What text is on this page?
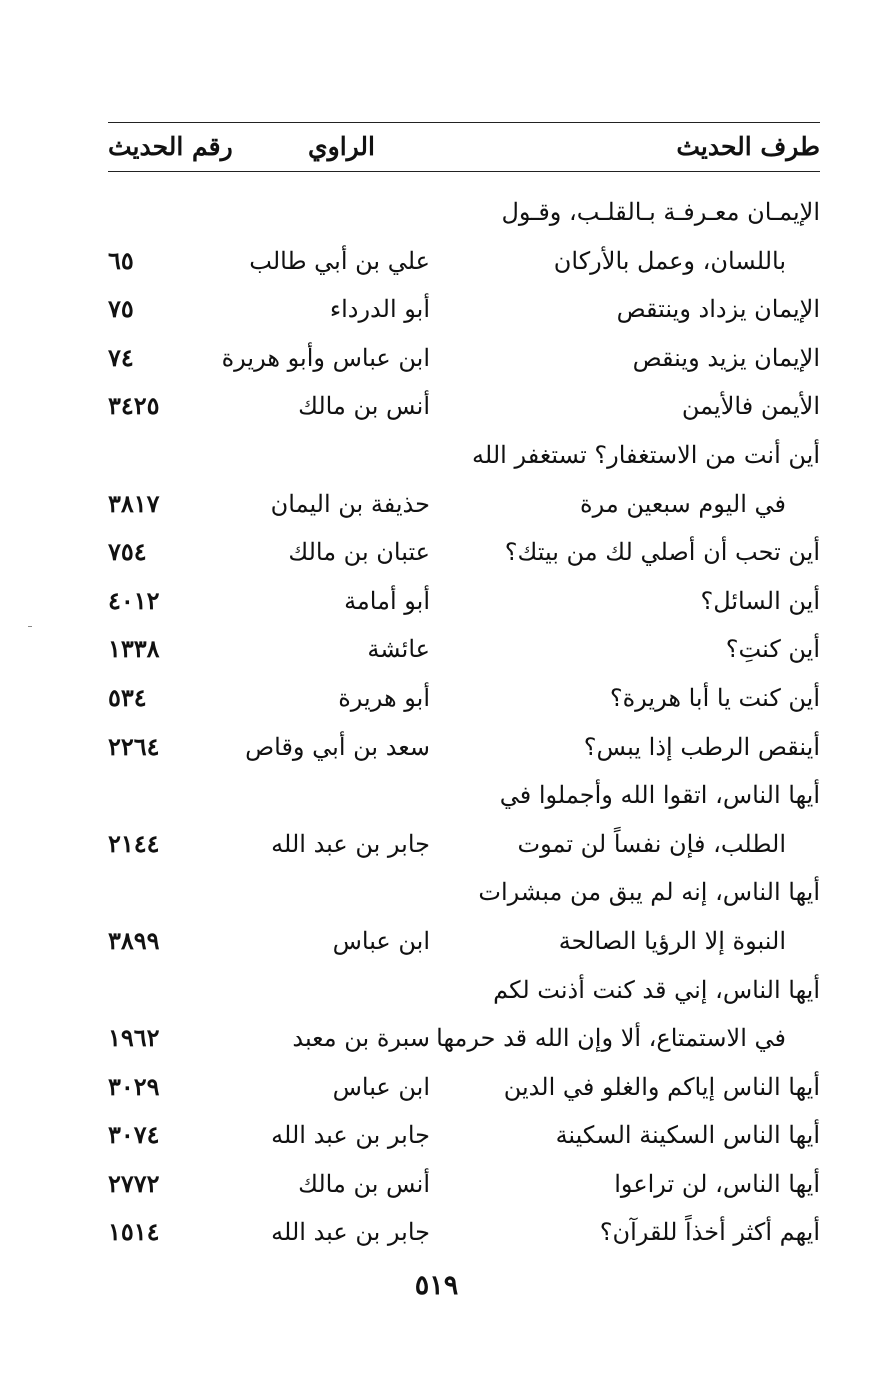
طرف الحديث
الراوي
رقم الحديث
الإيمـان معـرفـة بـالقلـب، وقـول
باللسان، وعمل بالأركان
علي بن أبي طالب
٦٥
الإيمان يزداد وينتقص
أبو الدرداء
٧٥
الإيمان يزيد وينقص
ابن عباس وأبو هريرة
٧٤
الأيمن فالأيمن
أنس بن مالك
٣٤٢٥
أين أنت من الاستغفار؟ تستغفر الله
في اليوم سبعين مرة
حذيفة بن اليمان
٣٨١٧
أين تحب أن أصلي لك من بيتك؟
عتبان بن مالك
٧٥٤
أين السائل؟
أبو أمامة
٤٠١٢
أين كنتِ؟
عائشة
١٣٣٨
أين كنت يا أبا هريرة؟
أبو هريرة
٥٣٤
أينقص الرطب إذا يبس؟
سعد بن أبي وقاص
٢٢٦٤
أيها الناس، اتقوا الله وأجملوا في
الطلب، فإن نفساً لن تموت
جابر بن عبد الله
٢١٤٤
أيها الناس، إنه لم يبق من مبشرات
النبوة إلا الرؤيا الصالحة
ابن عباس
٣٨٩٩
أيها الناس، إني قد كنت أذنت لكم
في الاستمتاع، ألا وإن الله قد حرمها
سبرة بن معبد
١٩٦٢
أيها الناس إياكم والغلو في الدين
ابن عباس
٣٠٢٩
أيها الناس السكينة السكينة
جابر بن عبد الله
٣٠٧٤
أيها الناس، لن تراعوا
أنس بن مالك
٢٧٧٢
أيهم أكثر أخذاً للقرآن؟
جابر بن عبد الله
١٥١٤
٥١٩
